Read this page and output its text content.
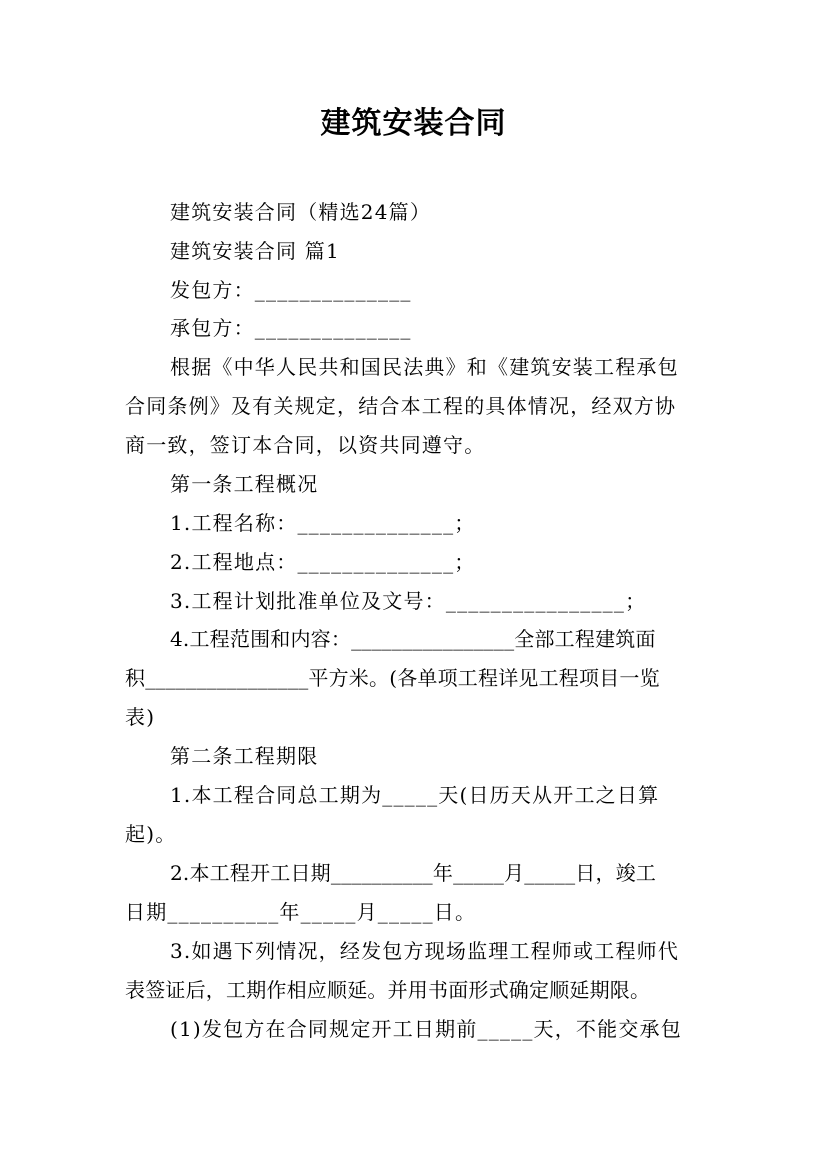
建筑安装合同
建筑安装合同（精选24篇）
建筑安装合同 篇1
发包方：______________
承包方：______________
根据《中华人民共和国民法典》和《建筑安装工程承包
合同条例》及有关规定，结合本工程的具体情况，经双方协
商一致，签订本合同，以资共同遵守。
第一条工程概况
1.工程名称：______________；
2.工程地点：______________；
3.工程计划批准单位及文号：________________；
4.工程范围和内容：________________全部工程建筑面
积________________平方米。(各单项工程详见工程项目一览
表)
第二条工程期限
1.本工程合同总工期为_____天(日历天从开工之日算
起)。
2.本工程开工日期__________年_____月_____日，竣工
日期__________年_____月_____日。
3.如遇下列情况，经发包方现场监理工程师或工程师代
表签证后，工期作相应顺延。并用书面形式确定顺延期限。
(1)发包方在合同规定开工日期前_____天，不能交承包
